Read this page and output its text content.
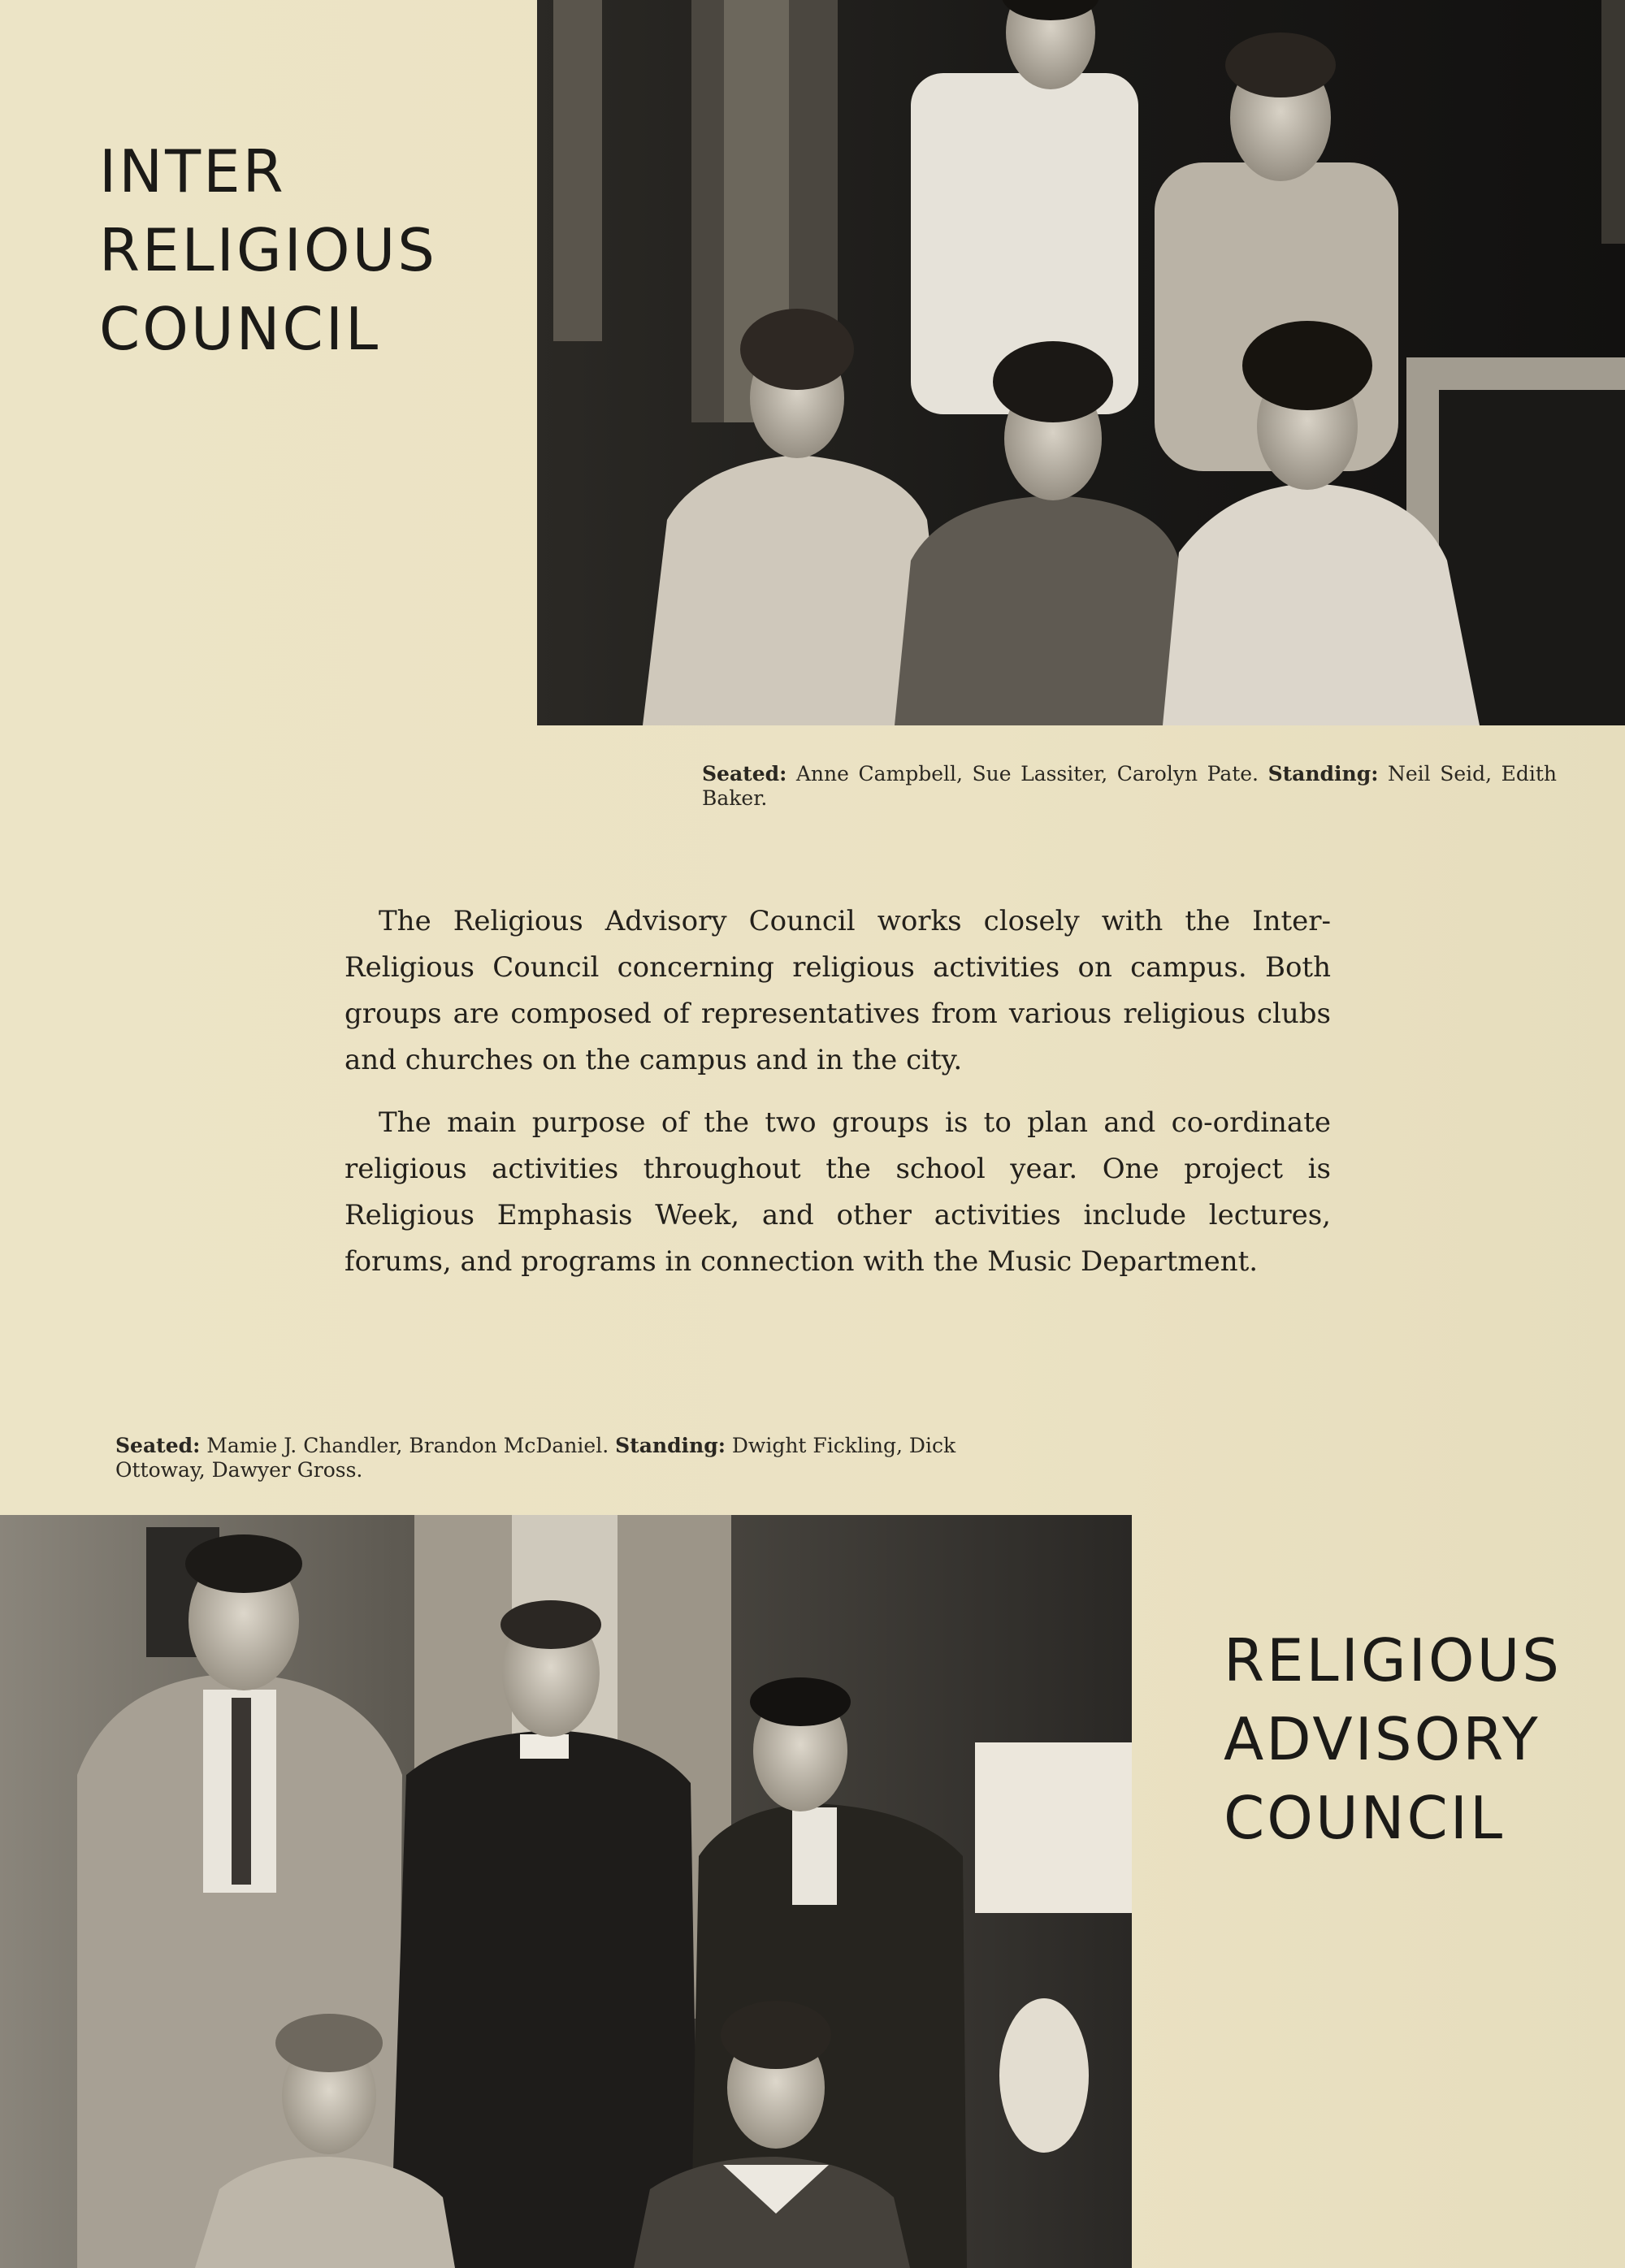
INTER
RELIGIOUS
COUNCIL
Seated: Anne Campbell, Sue Lassiter, Carolyn Pate. Standing: Neil Seid, Edith Baker.

The Religious Advisory Council works closely with the Inter-Religious Council concerning religious activities on campus. Both groups are composed of representatives from various religious clubs and churches on the campus and in the city.

The main purpose of the two groups is to plan and co-ordinate religious activities throughout the school year. One project is Religious Emphasis Week, and other activities include lectures, forums, and programs in connection with the Music Department.

Seated: Mamie J. Chandler, Brandon McDaniel. Standing: Dwight Fickling, Dick Ottoway, Dawyer Gross.
RELIGIOUS
ADVISORY
COUNCIL
